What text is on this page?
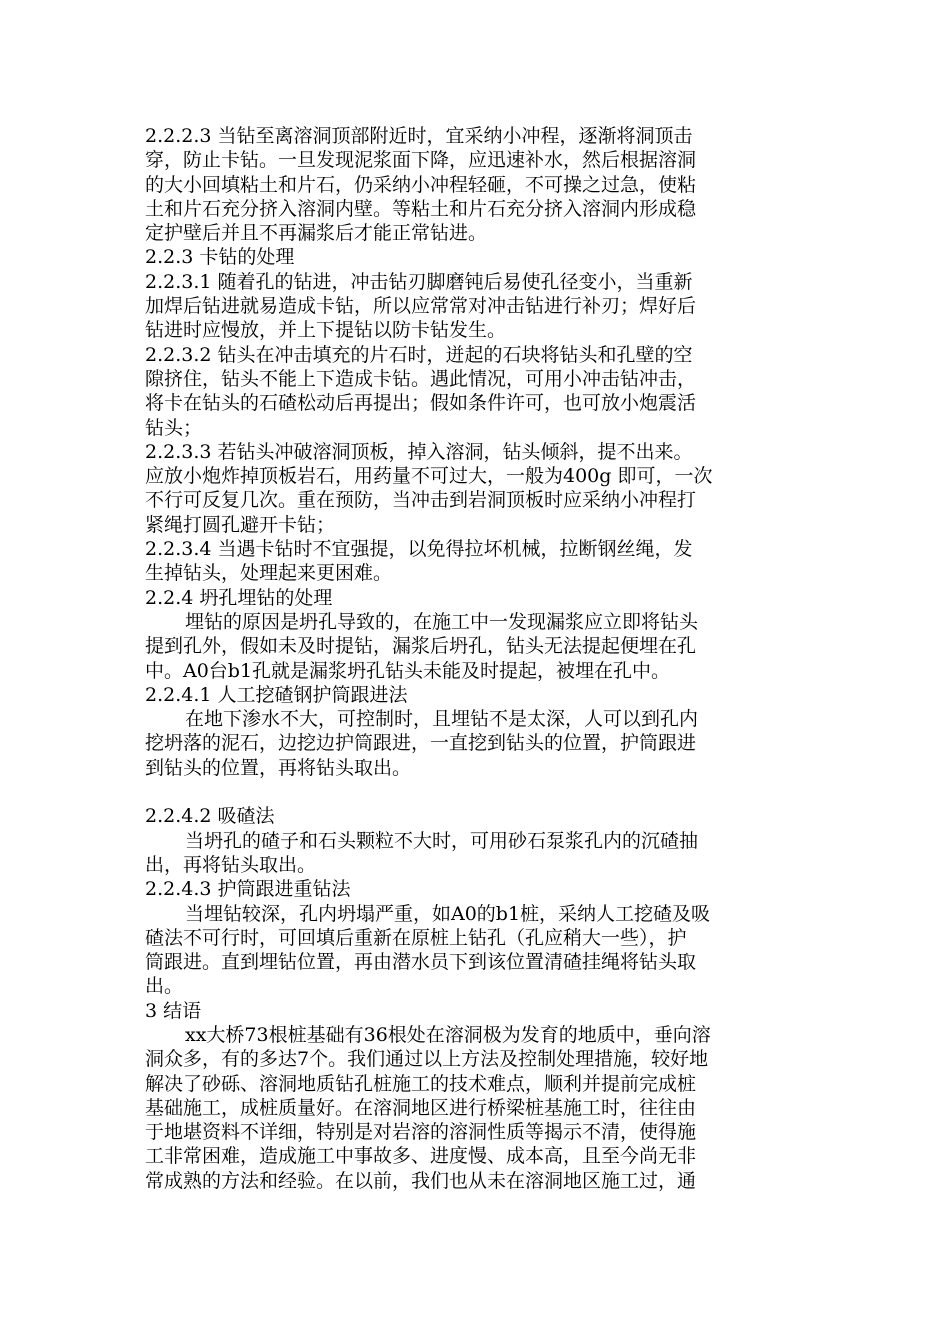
2.2.2.3 当钻至离溶洞顶部附近时，宜采纳小冲程，逐渐将洞顶击
穿，防止卡钻。一旦发现泥浆面下降，应迅速补水，然后根据溶洞
的大小回填粘土和片石，仍采纳小冲程轻砸，不可操之过急，使粘
土和片石充分挤入溶洞内壁。等粘土和片石充分挤入溶洞内形成稳
定护壁后并且不再漏浆后才能正常钻进。
2.2.3 卡钻的处理
2.2.3.1 随着孔的钻进，冲击钻刃脚磨钝后易使孔径变小，当重新
加焊后钻进就易造成卡钻，所以应常常对冲击钻进行补刃；焊好后
钻进时应慢放，并上下提钻以防卡钻发生。
2.2.3.2 钻头在冲击填充的片石时，迸起的石块将钻头和孔壁的空
隙挤住，钻头不能上下造成卡钻。遇此情况，可用小冲击钻冲击，
将卡在钻头的石碴松动后再提出；假如条件许可，也可放小炮震活
钻头；
2.2.3.3 若钻头冲破溶洞顶板，掉入溶洞，钻头倾斜，提不出来。
应放小炮炸掉顶板岩石，用药量不可过大，一般为400g 即可，一次
不行可反复几次。重在预防，当冲击到岩洞顶板时应采纳小冲程打
紧绳打圆孔避开卡钻；
2.2.3.4 当遇卡钻时不宜强提，以免得拉坏机械，拉断钢丝绳，发
生掉钻头，处理起来更困难。
2.2.4 坍孔埋钻的处理
埋钻的原因是坍孔导致的，在施工中一发现漏浆应立即将钻头
提到孔外，假如未及时提钻，漏浆后坍孔，钻头无法提起便埋在孔
中。A0台b1孔就是漏浆坍孔钻头未能及时提起，被埋在孔中。
2.2.4.1 人工挖碴钢护筒跟进法
在地下渗水不大，可控制时，且埋钻不是太深，人可以到孔内
挖坍落的泥石，边挖边护筒跟进，一直挖到钻头的位置，护筒跟进
到钻头的位置，再将钻头取出。
2.2.4.2 吸碴法
当坍孔的碴子和石头颗粒不大时，可用砂石泵浆孔内的沉碴抽
出，再将钻头取出。
2.2.4.3 护筒跟进重钻法
当埋钻较深，孔内坍塌严重，如A0的b1桩，采纳人工挖碴及吸
碴法不可行时，可回填后重新在原桩上钻孔（孔应稍大一些），护
筒跟进。直到埋钻位置，再由潜水员下到该位置清碴挂绳将钻头取
出。
3 结语
xx大桥73根桩基础有36根处在溶洞极为发育的地质中，垂向溶
洞众多，有的多达7个。我们通过以上方法及控制处理措施，较好地
解决了砂砾、溶洞地质钻孔桩施工的技术难点，顺利并提前完成桩
基础施工，成桩质量好。在溶洞地区进行桥梁桩基施工时，往往由
于地堪资料不详细，特别是对岩溶的溶洞性质等揭示不清，使得施
工非常困难，造成施工中事故多、进度慢、成本高，且至今尚无非
常成熟的方法和经验。在以前，我们也从未在溶洞地区施工过，通
